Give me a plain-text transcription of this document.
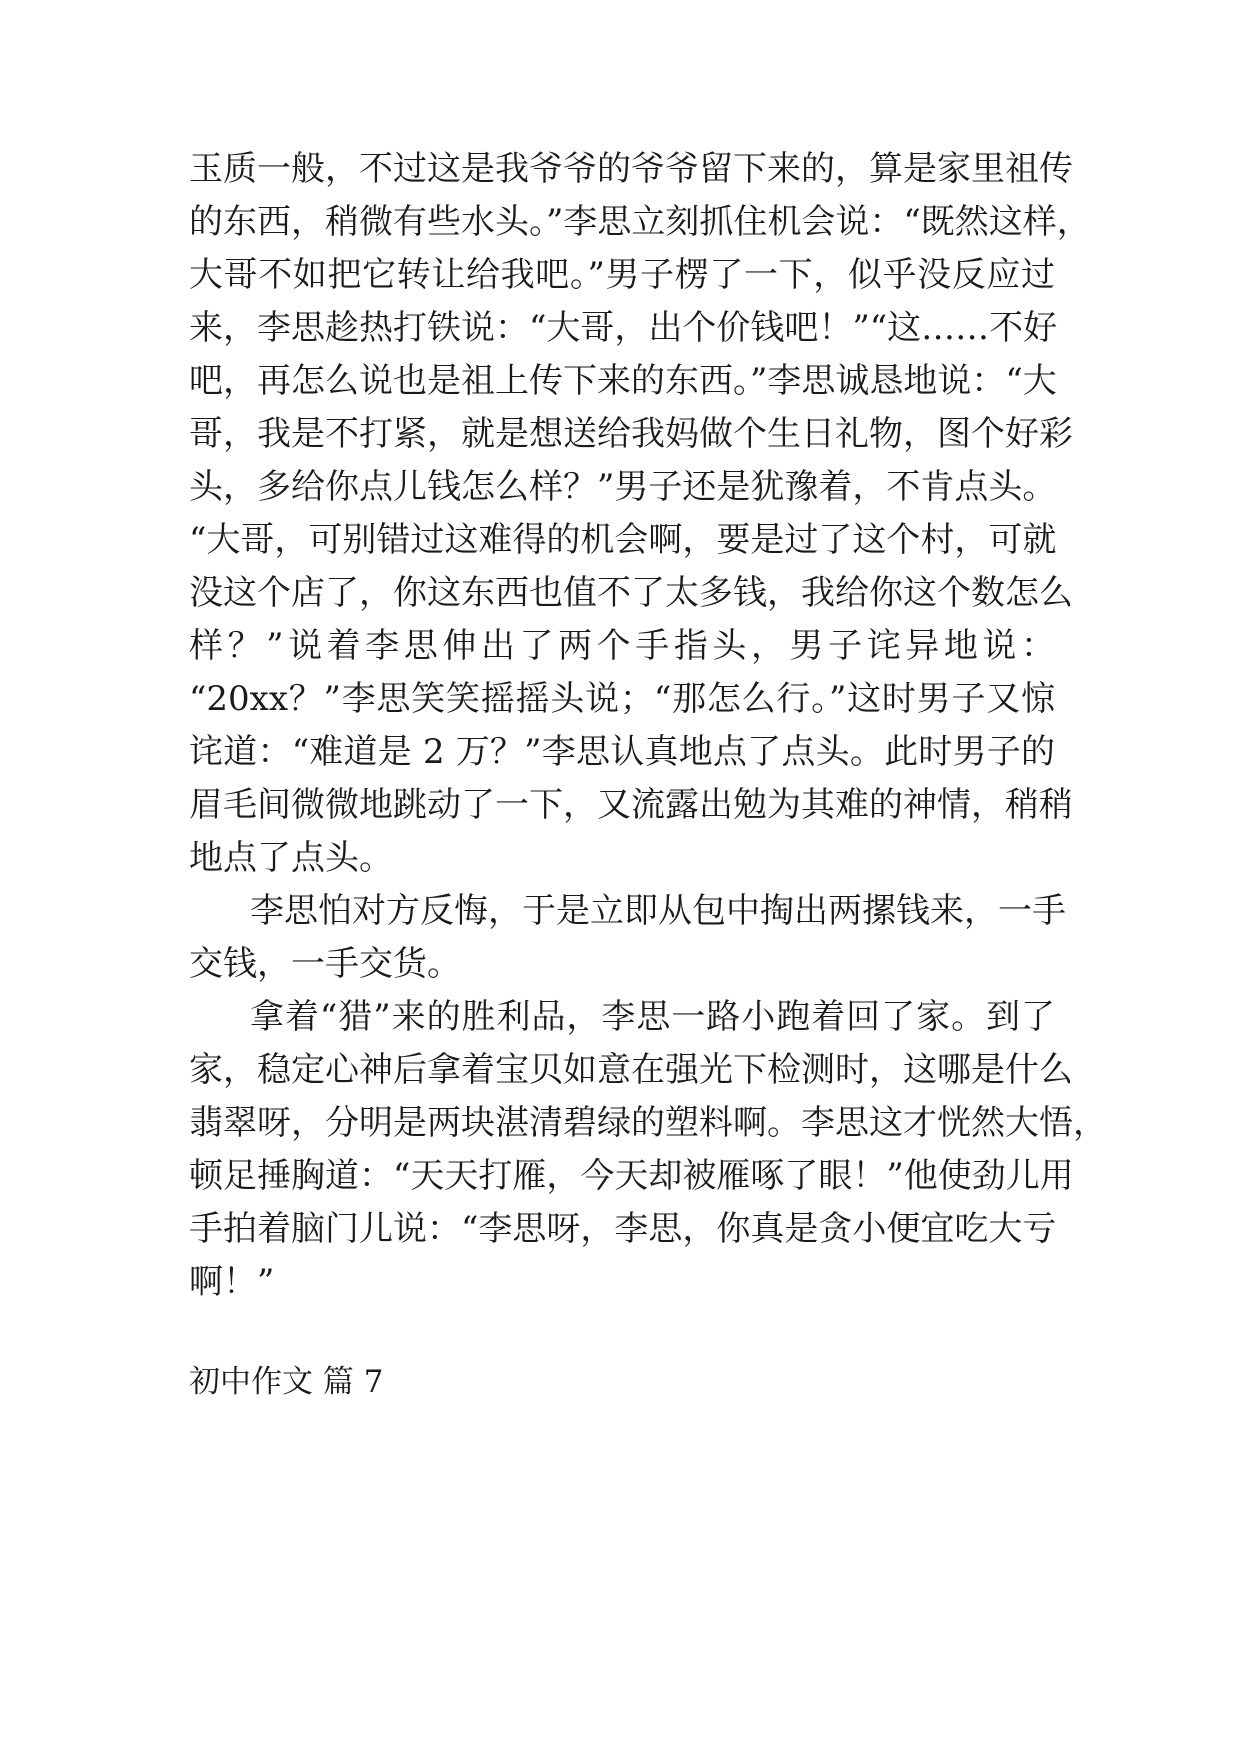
玉质一般，不过这是我爷爷的爷爷留下来的，算是家里祖传
的东西，稍微有些水头。”李思立刻抓住机会说：“既然这样，
大哥不如把它转让给我吧。”男子楞了一下，似乎没反应过
来，李思趁热打铁说：“大哥，出个价钱吧！”“这……不好
吧，再怎么说也是祖上传下来的东西。”李思诚恳地说：“大
哥，我是不打紧，就是想送给我妈做个生日礼物，图个好彩
头，多给你点儿钱怎么样？”男子还是犹豫着，不肯点头。
“大哥，可别错过这难得的机会啊，要是过了这个村，可就
没这个店了，你这东西也值不了太多钱，我给你这个数怎么
样？”说着李思伸出了两个手指头，男子诧异地说：
“20xx？”李思笑笑摇摇头说；“那怎么行。”这时男子又惊
诧道：“难道是 2 万？”李思认真地点了点头。此时男子的
眉毛间微微地跳动了一下，又流露出勉为其难的神情，稍稍
地点了点头。
李思怕对方反悔，于是立即从包中掏出两摞钱来，一手
交钱，一手交货。
拿着“猎”来的胜利品，李思一路小跑着回了家。到了
家，稳定心神后拿着宝贝如意在强光下检测时，这哪是什么
翡翠呀，分明是两块湛清碧绿的塑料啊。李思这才恍然大悟，
顿足捶胸道：“天天打雁，今天却被雁啄了眼！”他使劲儿用
手拍着脑门儿说：“李思呀，李思，你真是贪小便宜吃大亏
啊！”
初中作文 篇 7
